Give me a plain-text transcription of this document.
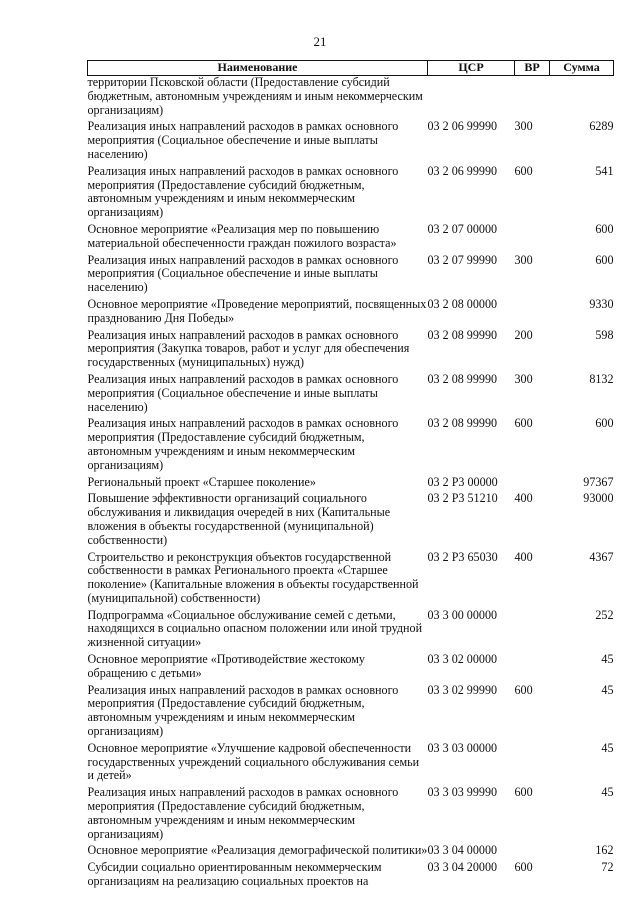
21
Наименование	ЦСР	ВР	Сумма
территории Псковской области (Предоставление субсидий бюджетным, автономным учреждениям и иным некоммерческим организациям)			
Реализация иных направлений расходов в рамках основного мероприятия (Социальное обеспечение и иные выплаты населению)	03 2 06 99990	300	6289
Реализация иных направлений расходов в рамках основного мероприятия (Предоставление субсидий бюджетным, автономным учреждениям и иным некоммерческим организациям)	03 2 06 99990	600	541
Основное мероприятие «Реализация мер по повышению материальной обеспеченности граждан пожилого возраста»	03 2 07 00000		600
Реализация иных направлений расходов в рамках основного мероприятия (Социальное обеспечение и иные выплаты населению)	03 2 07 99990	300	600
Основное мероприятие «Проведение мероприятий, посвященных празднованию Дня Победы»	03 2 08 00000		9330
Реализация иных направлений расходов в рамках основного мероприятия (Закупка товаров, работ и услуг для обеспечения государственных (муниципальных) нужд)	03 2 08 99990	200	598
Реализация иных направлений расходов в рамках основного мероприятия (Социальное обеспечение и иные выплаты населению)	03 2 08 99990	300	8132
Реализация иных направлений расходов в рамках основного мероприятия (Предоставление субсидий бюджетным, автономным учреждениям и иным некоммерческим организациям)	03 2 08 99990	600	600
Региональный проект «Старшее поколение»	03 2 P3 00000		97367
Повышение эффективности организаций социального обслуживания и ликвидация очередей в них (Капитальные вложения в объекты государственной (муниципальной) собственности)	03 2 P3 51210	400	93000
Строительство и реконструкция объектов государственной собственности в рамках Регионального проекта «Старшее поколение» (Капитальные вложения в объекты государственной (муниципальной) собственности)	03 2 P3 65030	400	4367
Подпрограмма «Социальное обслуживание семей с детьми, находящихся в социально опасном положении или иной трудной жизненной ситуации»	03 3 00 00000		252
Основное мероприятие «Противодействие жестокому обращению с детьми»	03 3 02 00000		45
Реализация иных направлений расходов в рамках основного мероприятия (Предоставление субсидий бюджетным, автономным учреждениям и иным некоммерческим организациям)	03 3 02 99990	600	45
Основное мероприятие «Улучшение кадровой обеспеченности государственных учреждений социального обслуживания семьи и детей»	03 3 03 00000		45
Реализация иных направлений расходов в рамках основного мероприятия (Предоставление субсидий бюджетным, автономным учреждениям и иным некоммерческим организациям)	03 3 03 99990	600	45
Основное мероприятие «Реализация демографической политики»	03 3 04 00000		162
Субсидии социально ориентированным некоммерческим организациям на реализацию социальных проектов на	03 3 04 20000	600	72
